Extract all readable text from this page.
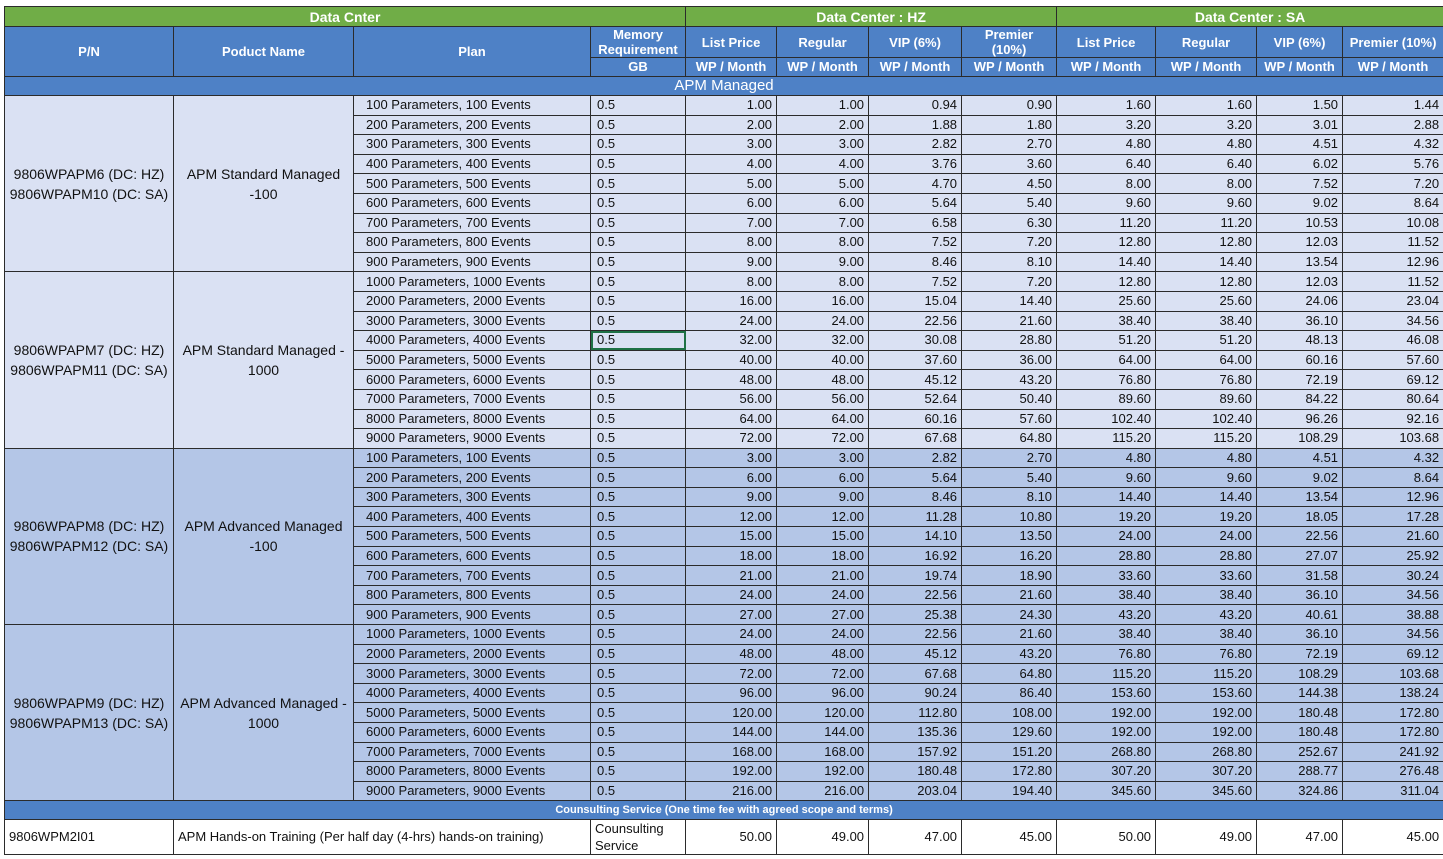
Data Cnter				Data Center : HZ				Data Center : SA			
P/N	Poduct Name	Plan	Memory Requirement	List Price	Regular	VIP (6%)	Premier (10%)	List Price	Regular	VIP (6%)	Premier (10%)
			GB	WP / Month	WP / Month	WP / Month	WP / Month	WP / Month	WP / Month	WP / Month	WP / Month
APM Managed											
9806WPAPM6 (DC: HZ) 9806WPAPM10 (DC: SA)	APM Standard Managed -100	100 Parameters, 100 Events	0.5	1.00	1.00	0.94	0.90	1.60	1.60	1.50	1.44
		200 Parameters, 200 Events	0.5	2.00	2.00	1.88	1.80	3.20	3.20	3.01	2.88
		300 Parameters, 300 Events	0.5	3.00	3.00	2.82	2.70	4.80	4.80	4.51	4.32
		400 Parameters, 400 Events	0.5	4.00	4.00	3.76	3.60	6.40	6.40	6.02	5.76
		500 Parameters, 500 Events	0.5	5.00	5.00	4.70	4.50	8.00	8.00	7.52	7.20
		600 Parameters, 600 Events	0.5	6.00	6.00	5.64	5.40	9.60	9.60	9.02	8.64
		700 Parameters, 700 Events	0.5	7.00	7.00	6.58	6.30	11.20	11.20	10.53	10.08
		800 Parameters, 800 Events	0.5	8.00	8.00	7.52	7.20	12.80	12.80	12.03	11.52
		900 Parameters, 900 Events	0.5	9.00	9.00	8.46	8.10	14.40	14.40	13.54	12.96
9806WPAPM7 (DC: HZ) 9806WPAPM11 (DC: SA)	APM Standard Managed - 1000	1000 Parameters, 1000 Events	0.5	8.00	8.00	7.52	7.20	12.80	12.80	12.03	11.52
		2000 Parameters, 2000 Events	0.5	16.00	16.00	15.04	14.40	25.60	25.60	24.06	23.04
		3000 Parameters, 3000 Events	0.5	24.00	24.00	22.56	21.60	38.40	38.40	36.10	34.56
		4000 Parameters, 4000 Events	0.5	32.00	32.00	30.08	28.80	51.20	51.20	48.13	46.08
		5000 Parameters, 5000 Events	0.5	40.00	40.00	37.60	36.00	64.00	64.00	60.16	57.60
		6000 Parameters, 6000 Events	0.5	48.00	48.00	45.12	43.20	76.80	76.80	72.19	69.12
		7000 Parameters, 7000 Events	0.5	56.00	56.00	52.64	50.40	89.60	89.60	84.22	80.64
		8000 Parameters, 8000 Events	0.5	64.00	64.00	60.16	57.60	102.40	102.40	96.26	92.16
		9000 Parameters, 9000 Events	0.5	72.00	72.00	67.68	64.80	115.20	115.20	108.29	103.68
9806WPAPM8 (DC: HZ) 9806WPAPM12 (DC: SA)	APM Advanced Managed -100	100 Parameters, 100 Events	0.5	3.00	3.00	2.82	2.70	4.80	4.80	4.51	4.32
		200 Parameters, 200 Events	0.5	6.00	6.00	5.64	5.40	9.60	9.60	9.02	8.64
		300 Parameters, 300 Events	0.5	9.00	9.00	8.46	8.10	14.40	14.40	13.54	12.96
		400 Parameters, 400 Events	0.5	12.00	12.00	11.28	10.80	19.20	19.20	18.05	17.28
		500 Parameters, 500 Events	0.5	15.00	15.00	14.10	13.50	24.00	24.00	22.56	21.60
		600 Parameters, 600 Events	0.5	18.00	18.00	16.92	16.20	28.80	28.80	27.07	25.92
		700 Parameters, 700 Events	0.5	21.00	21.00	19.74	18.90	33.60	33.60	31.58	30.24
		800 Parameters, 800 Events	0.5	24.00	24.00	22.56	21.60	38.40	38.40	36.10	34.56
		900 Parameters, 900 Events	0.5	27.00	27.00	25.38	24.30	43.20	43.20	40.61	38.88
9806WPAPM9 (DC: HZ) 9806WPAPM13 (DC: SA)	APM Advanced Managed - 1000	1000 Parameters, 1000 Events	0.5	24.00	24.00	22.56	21.60	38.40	38.40	36.10	34.56
		2000 Parameters, 2000 Events	0.5	48.00	48.00	45.12	43.20	76.80	76.80	72.19	69.12
		3000 Parameters, 3000 Events	0.5	72.00	72.00	67.68	64.80	115.20	115.20	108.29	103.68
		4000 Parameters, 4000 Events	0.5	96.00	96.00	90.24	86.40	153.60	153.60	144.38	138.24
		5000 Parameters, 5000 Events	0.5	120.00	120.00	112.80	108.00	192.00	192.00	180.48	172.80
		6000 Parameters, 6000 Events	0.5	144.00	144.00	135.36	129.60	192.00	192.00	180.48	172.80
		7000 Parameters, 7000 Events	0.5	168.00	168.00	157.92	151.20	268.80	268.80	252.67	241.92
		8000 Parameters, 8000 Events	0.5	192.00	192.00	180.48	172.80	307.20	307.20	288.77	276.48
		9000 Parameters, 9000 Events	0.5	216.00	216.00	203.04	194.40	345.60	345.60	324.86	311.04
Counsulting Service (One time fee with agreed scope and terms)											
9806WPM2I01	APM Hands-on Training (Per half day (4-hrs) hands-on training)		Counsulting Service	50.00	49.00	47.00	45.00	50.00	49.00	47.00	45.00
